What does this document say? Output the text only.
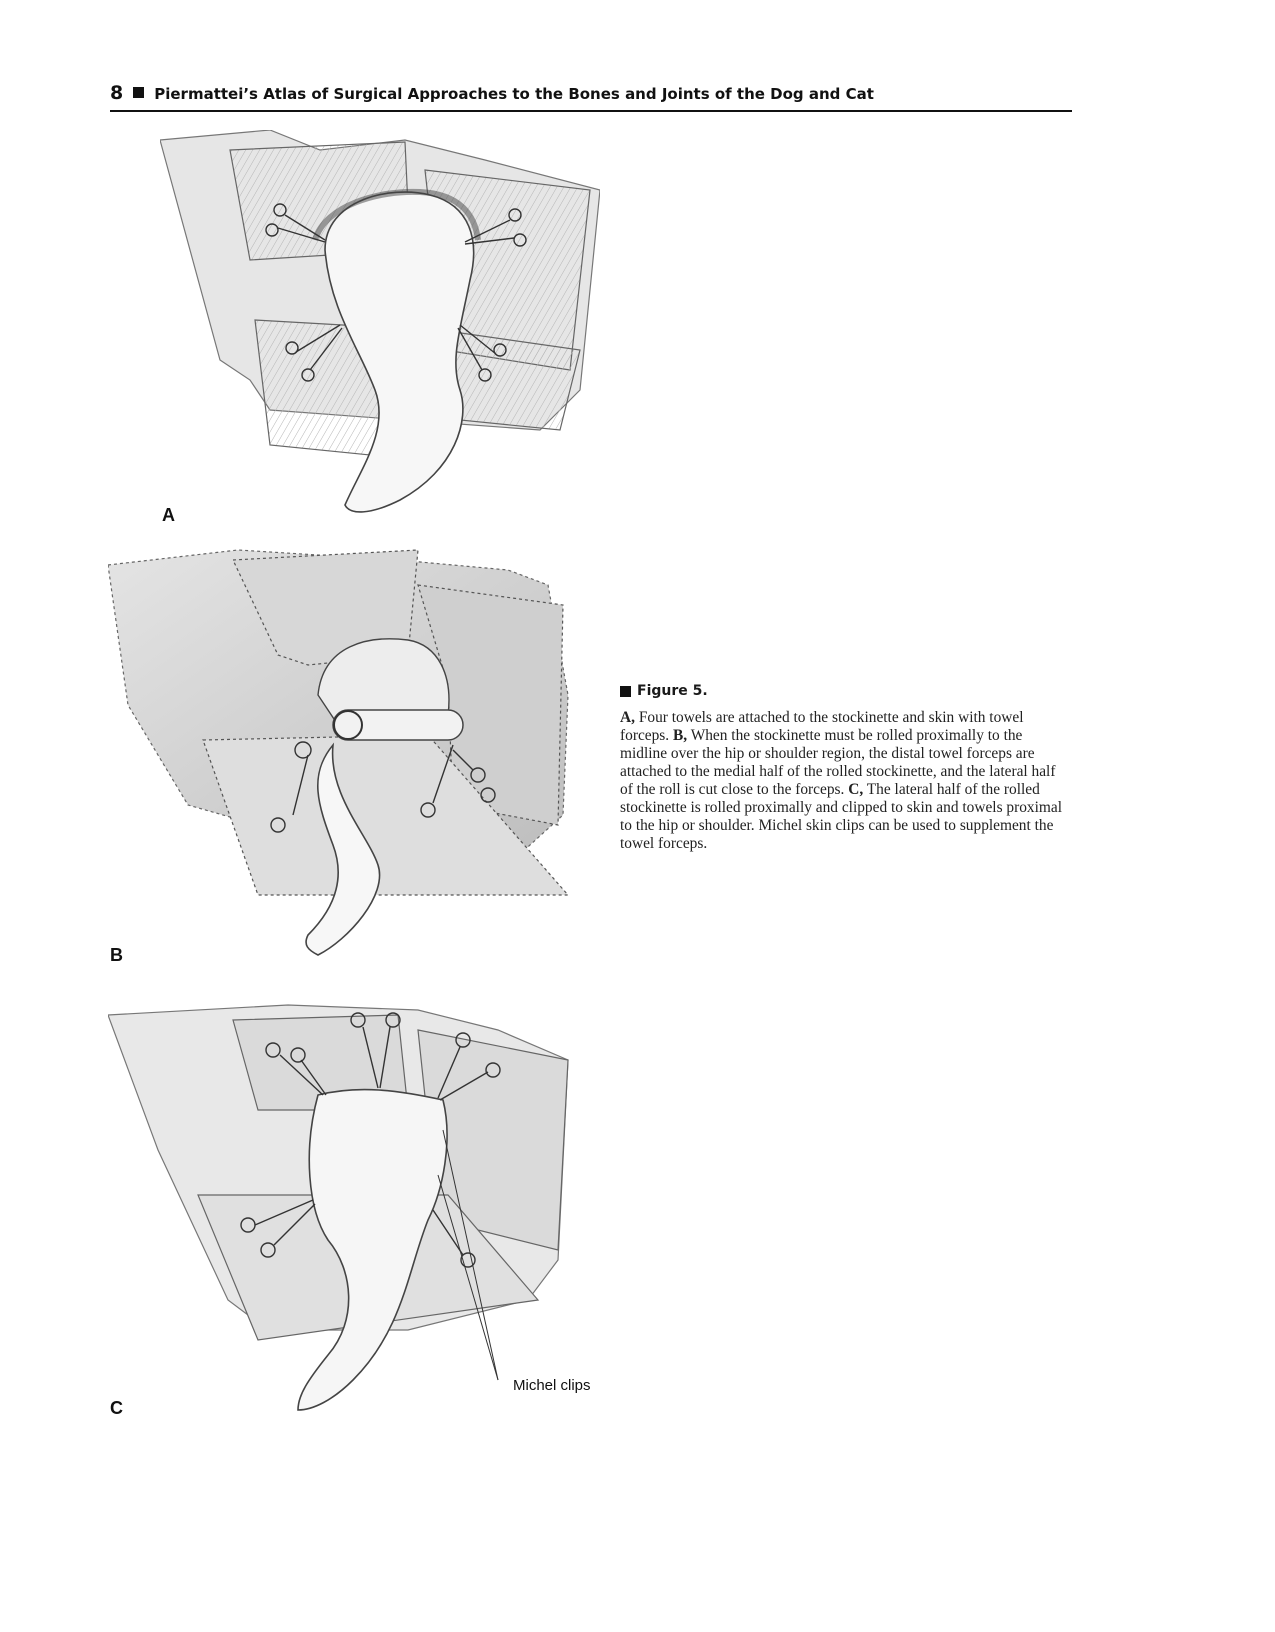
8 Piermattei’s Atlas of Surgical Approaches to the Bones and Joints of the Dog and Cat
A
B
Michel clips
C
Figure 5.

A, Four towels are attached to the stockinette and skin with towel forceps. B, When the stockinette must be rolled proximally to the midline over the hip or shoulder region, the distal towel forceps are attached to the medial half of the rolled stockinette, and the lateral half of the roll is cut close to the forceps. C, The lateral half of the rolled stockinette is rolled proximally and clipped to skin and towels proximal to the hip or shoulder. Michel skin clips can be used to supplement the towel forceps.
